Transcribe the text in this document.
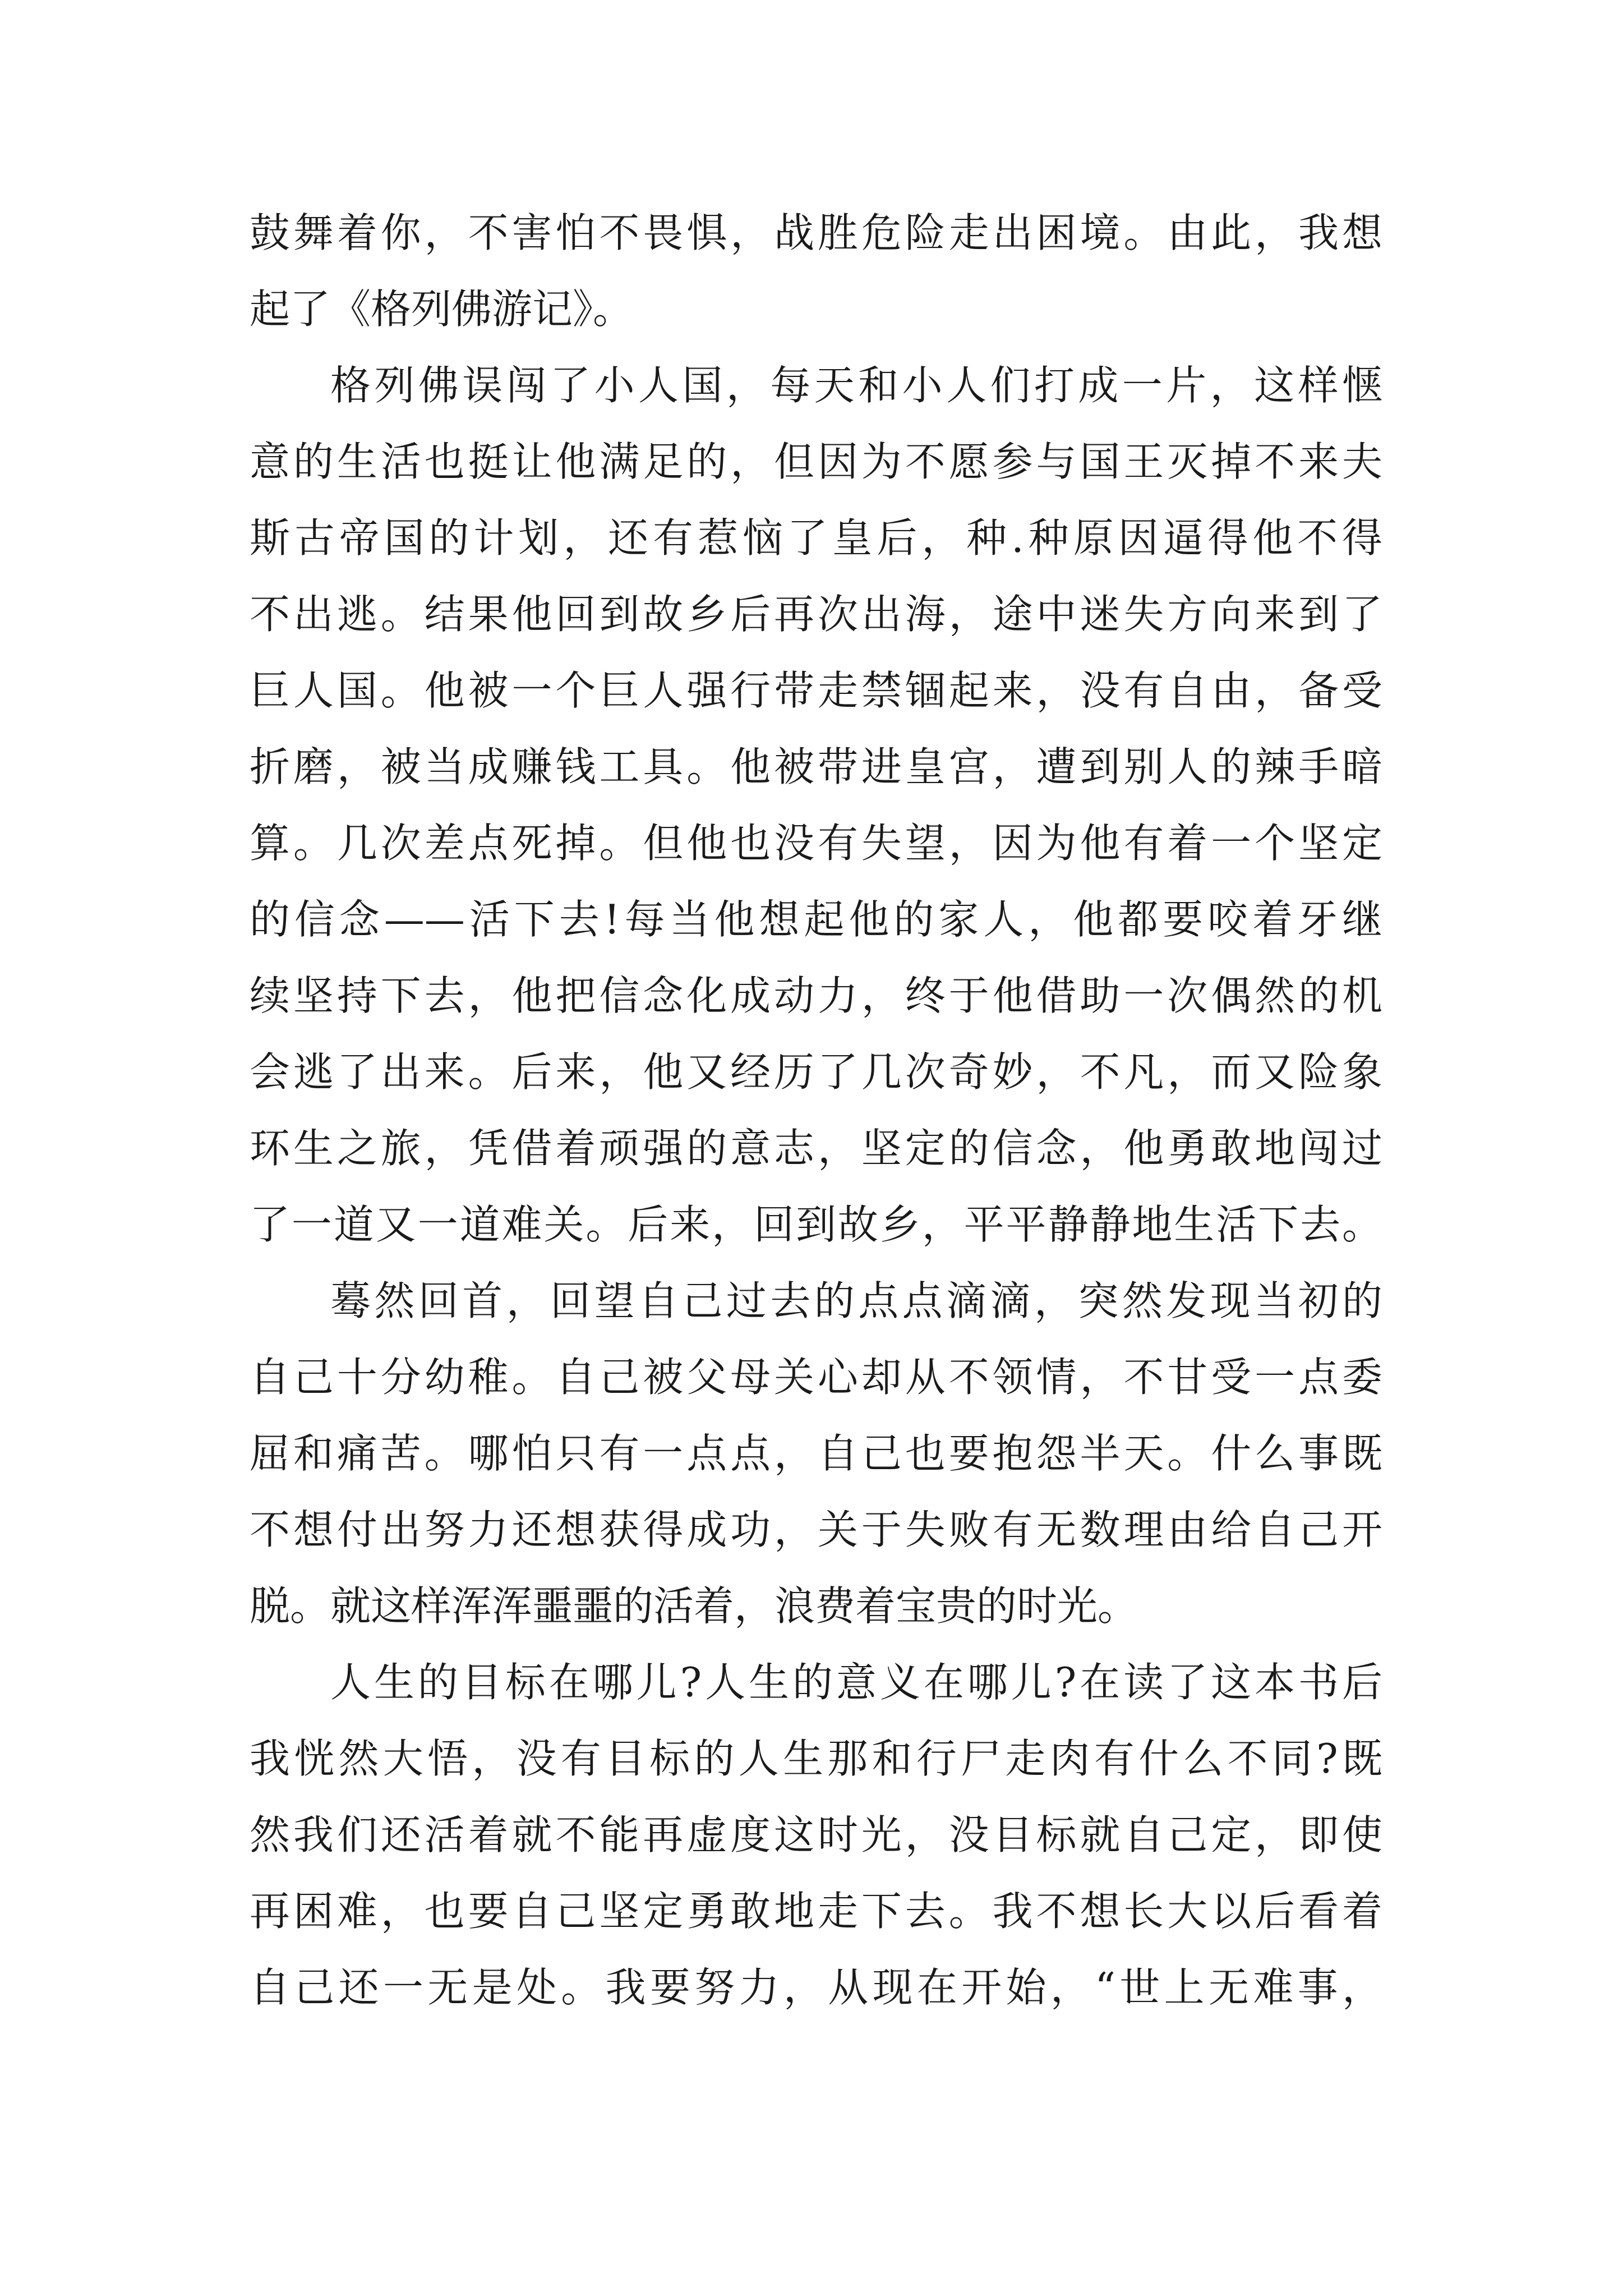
鼓舞着你，不害怕不畏惧，战胜危险走出困境。由此，我想
起了《格列佛游记》。
格列佛误闯了小人国，每天和小人们打成一片，这样惬
意的生活也挺让他满足的，但因为不愿参与国王灭掉不来夫
斯古帝国的计划，还有惹恼了皇后，种.种原因逼得他不得
不出逃。结果他回到故乡后再次出海，途中迷失方向来到了
巨人国。他被一个巨人强行带走禁锢起来，没有自由，备受
折磨，被当成赚钱工具。他被带进皇宫，遭到别人的辣手暗
算。几次差点死掉。但他也没有失望，因为他有着一个坚定
的信念——活下去!每当他想起他的家人，他都要咬着牙继
续坚持下去，他把信念化成动力，终于他借助一次偶然的机
会逃了出来。后来，他又经历了几次奇妙，不凡，而又险象
环生之旅，凭借着顽强的意志，坚定的信念，他勇敢地闯过
了一道又一道难关。后来，回到故乡，平平静静地生活下去。
蓦然回首，回望自己过去的点点滴滴，突然发现当初的
自己十分幼稚。自己被父母关心却从不领情，不甘受一点委
屈和痛苦。哪怕只有一点点，自己也要抱怨半天。什么事既
不想付出努力还想获得成功，关于失败有无数理由给自己开
脱。就这样浑浑噩噩的活着，浪费着宝贵的时光。
人生的目标在哪儿?人生的意义在哪儿?在读了这本书后
我恍然大悟，没有目标的人生那和行尸走肉有什么不同?既
然我们还活着就不能再虚度这时光，没目标就自己定，即使
再困难，也要自己坚定勇敢地走下去。我不想长大以后看着
自己还一无是处。我要努力，从现在开始，“世上无难事，
